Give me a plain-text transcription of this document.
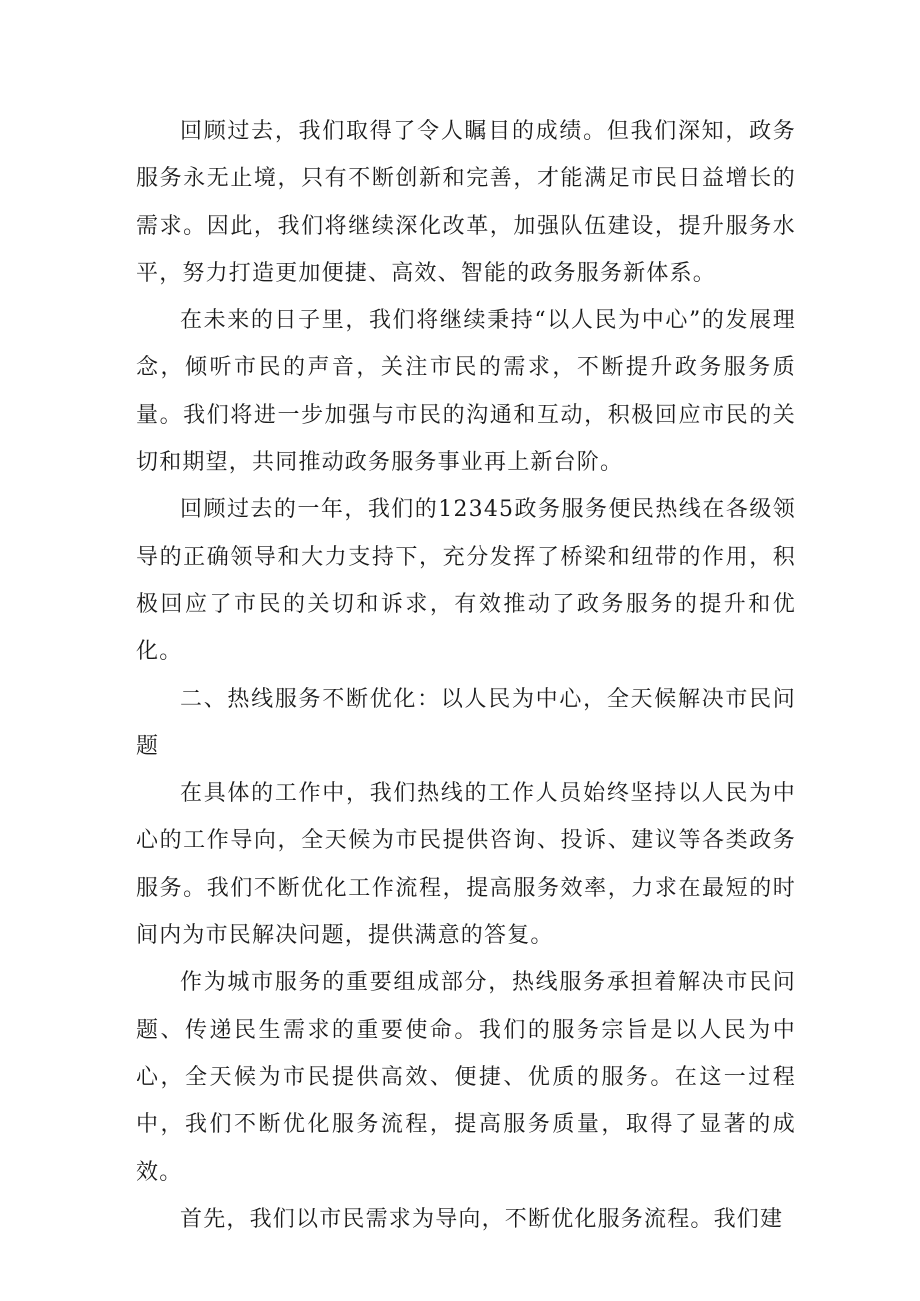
回顾过去，我们取得了令人瞩目的成绩。但我们深知，政务服务永无止境，只有不断创新和完善，才能满足市民日益增长的需求。因此，我们将继续深化改革，加强队伍建设，提升服务水平，努力打造更加便捷、高效、智能的政务服务新体系。

在未来的日子里，我们将继续秉持“以人民为中心”的发展理念，倾听市民的声音，关注市民的需求，不断提升政务服务质量。我们将进一步加强与市民的沟通和互动，积极回应市民的关切和期望，共同推动政务服务事业再上新台阶。

回顾过去的一年，我们的12345政务服务便民热线在各级领导的正确领导和大力支持下，充分发挥了桥梁和纽带的作用，积极回应了市民的关切和诉求，有效推动了政务服务的提升和优化。

二、热线服务不断优化：以人民为中心，全天候解决市民问题

在具体的工作中，我们热线的工作人员始终坚持以人民为中心的工作导向，全天候为市民提供咨询、投诉、建议等各类政务服务。我们不断优化工作流程，提高服务效率，力求在最短的时间内为市民解决问题，提供满意的答复。

作为城市服务的重要组成部分，热线服务承担着解决市民问题、传递民生需求的重要使命。我们的服务宗旨是以人民为中心，全天候为市民提供高效、便捷、优质的服务。在这一过程中，我们不断优化服务流程，提高服务质量，取得了显著的成效。

首先，我们以市民需求为导向，不断优化服务流程。我们建
